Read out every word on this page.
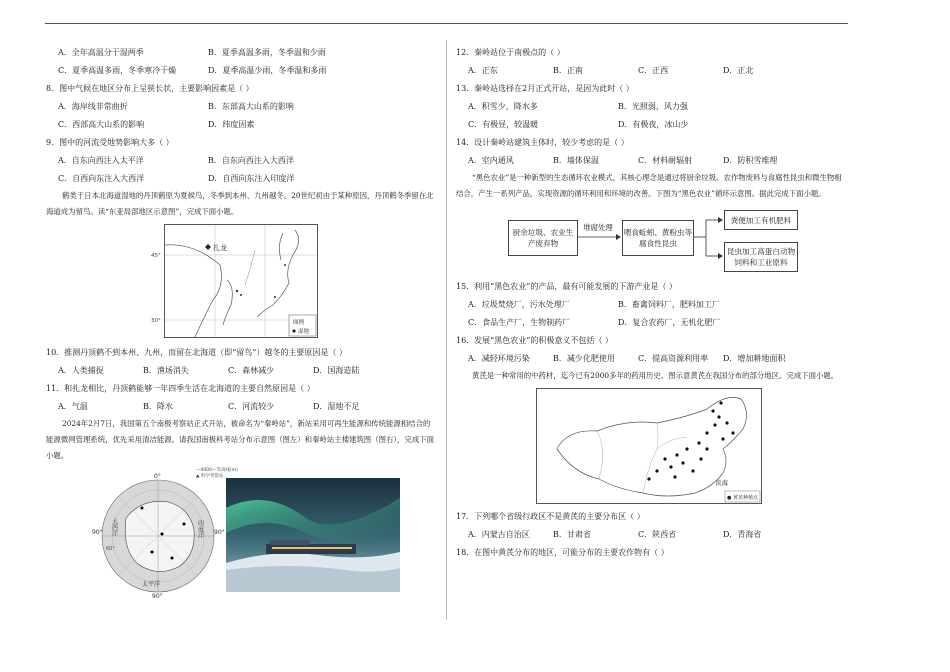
A．全年高温分干湿两季	B．夏季高温多雨，冬季温和少雨
C．夏季高温多雨，冬季寒冷干燥	D．夏季高温少雨，冬季温和多雨
8．图中气候在地区分布上呈狭长状，主要影响因素是（ ）
A．海岸线非常曲折	B．东部高大山系的影响
C．西部高大山系的影响	D．纬度因素
9．图中的河流受地势影响大多（ ）
A．自东向西注入太平洋	B．自东向西注入大西洋
C．自西向东注入大西洋	D．自西向东注入印度洋

鹤类于日本北海道湿地的丹顶鹤原为夏候鸟，冬季到本州、九州越冬。20世纪初由于某种原因，丹顶鹤冬季留在北海道成为留鸟。读“东亚局部地区示意图”，完成下面小题。

扎龙
45°
30°	图例
湿地
10．推测丹顶鹤不到本州、九州，而留在北海道（即“留鸟”）越冬的主要原因是（ ）
A．人类捕捉	B．渔场消失	C．森林减少	D．国海造陆
11．和扎龙相比，丹顶鹤能够一年四季生活在北海道的主要自然原因是（ ）
A．气温	B．降水	C．河流较少	D．湿地不足

2024年2月7日，我国第五个南极考察站正式开站，被命名为“秦岭站”，新站采用可再生能源和传统能源相结合的能源微网管理系统，优先采用清洁能源。请我国南极科考站分布示意图（图左）和秦岭站主楼建筑图（图右），完成下面小题。

0°
90°
90°	90°
大西洋	印度洋
太平洋
60°
—4000—等高线(m)
▲ 科学考察站
12．秦岭站位于南极点的（ ）
A．正东	B．正南	C．正西	D．正北
13．秦岭站选择在2月正式开站，是因为此时（ ）
A．积雪少，降水多	B．光照弱，风力强
C．有极昼，较温暖	D．有极夜，冰山少
14．设计秦岭站建筑主体时，较少考虑的是（ ）
A．室内通风	B．墙体保温	C．材料耐辐射	D．防积雪堆埋

“黑色农业”是一种新型的生态循环农业模式，其核心理念是通过将厨余垃圾、农作物废料与食腐性昆虫和微生物相结合，产生一系列产品，实现资源的循环利用和环境的改善。下图为“黑色农业”循环示意图。据此完成下面小题。

厨余垃圾、农业生产废弃物
堆腐处理
喂食蚯蚓、黄粉虫等腐食性昆虫
粪便加工有机肥料
昆虫加工高蛋白动物饲料和工业原料
15．利用“黑色农业”的产品，最有可能发展的下游产业是（ ）
A．垃圾焚烧厂，污水处理厂	B．畜禽饲料厂，肥料加工厂
C．食品生产厂，生物制药厂	D．复合农药厂，无机化肥厂
16．发展“黑色农业”的积极意义不包括（ ）
A．减轻环境污染	B．减少化肥使用	C．提高资源利用率	D．增加耕地面积

黄芪是一种常用的中药材，迄今已有2000多年的药用历史。图示意黄芪在我国分布的部分地区。完成下面小题。

黄海
● 黄芪种植点
17．下列哪个省级行政区不是黄芪的主要分布区（ ）
A．内蒙古自治区	B．甘肃省	C．陕西省	D．青海省
18．在图中黄芪分布的地区，可能分布的主要农作物有（ ）
